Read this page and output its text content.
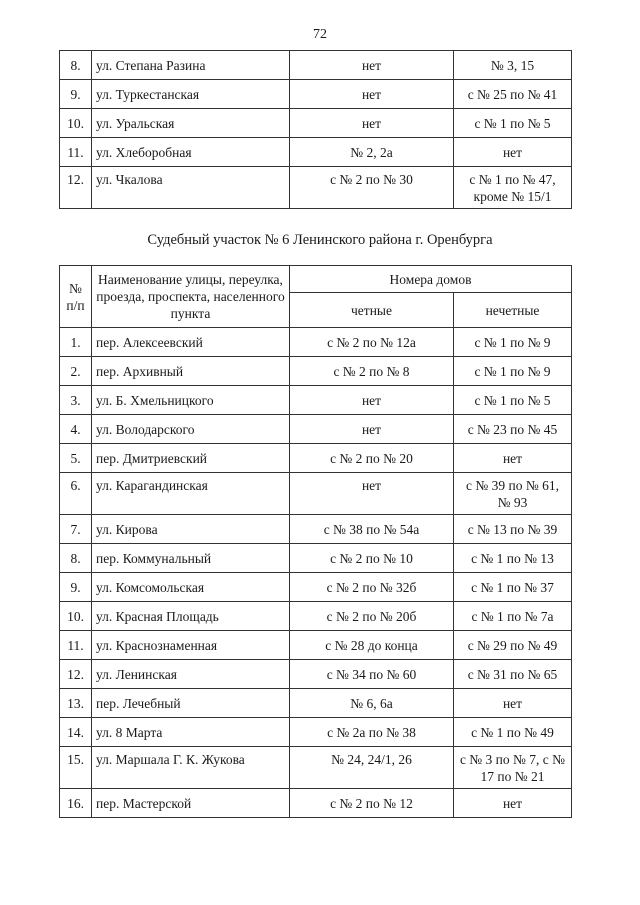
72
8.	ул. Степана Разина	нет	№ 3, 15
9.	ул. Туркестанская	нет	с № 25 по № 41
10.	ул. Уральская	нет	с № 1 по № 5
11.	ул. Хлеборобная	№ 2, 2а	нет
12.	ул. Чкалова	с № 2 по № 30	с № 1 по № 47, кроме № 15/1
Судебный участок № 6 Ленинского района г. Оренбурга
№ п/п	Наименование улицы, переулка, проезда, проспекта, населенного пункта	Номера домов	
		четные	нечетные
1.	пер. Алексеевский	с № 2 по № 12а	с № 1 по № 9
2.	пер. Архивный	с № 2 по № 8	с № 1 по № 9
3.	ул. Б. Хмельницкого	нет	с № 1 по № 5
4.	ул. Володарского	нет	с № 23 по № 45
5.	пер. Дмитриевский	с № 2 по № 20	нет
6.	ул. Карагандинская	нет	с № 39 по № 61, № 93
7.	ул. Кирова	с № 38 по № 54а	с № 13 по № 39
8.	пер. Коммунальный	с № 2 по № 10	с № 1 по № 13
9.	ул. Комсомольская	с № 2 по № 32б	с № 1 по № 37
10.	ул. Красная Площадь	с № 2 по № 20б	с № 1 по № 7а
11.	ул. Краснознаменная	с № 28 до конца	с № 29 по № 49
12.	ул. Ленинская	с № 34 по № 60	с № 31 по № 65
13.	пер. Лечебный	№ 6, 6а	нет
14.	ул. 8 Марта	с № 2а по № 38	с № 1 по № 49
15.	ул. Маршала Г. К. Жукова	№ 24, 24/1, 26	с № 3 по № 7, с № 17 по № 21
16.	пер. Мастерской	с № 2 по № 12	нет
